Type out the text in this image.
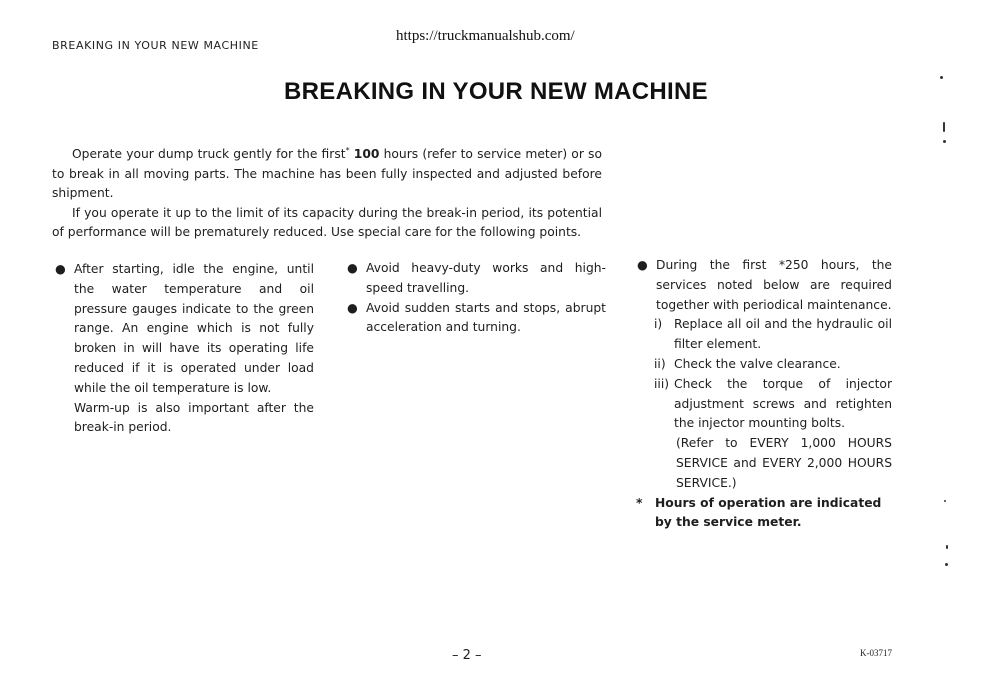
https://truckmanualshub.com/
BREAKING IN YOUR NEW MACHINE
BREAKING IN YOUR NEW MACHINE

Operate your dump truck gently for the first* 100 hours (refer to service meter) or so to break in all moving parts. The machine has been fully inspected and adjusted before shipment.

If you operate it up to the limit of its capacity during the break-in period, its potential of performance will be prematurely reduced. Use special care for the following points.

● After starting, idle the engine, until the water temperature and oil pressure gauges indicate to the green range. An engine which is not fully broken in will have its operating life reduced if it is operated under load while the oil temperature is low.
Warm-up is also important after the break-in period.
● Avoid heavy-duty works and high-speed travelling.
● Avoid sudden starts and stops, abrupt acceleration and turning.
● During the first *250 hours, the services noted below are required together with periodical maintenance.
i) Replace all oil and the hydraulic oil filter element.
ii) Check the valve clearance.
iii) Check the torque of injector adjustment screws and retighten the injector mounting bolts.
(Refer to EVERY 1,000 HOURS SERVICE and EVERY 2,000 HOURS SERVICE.)
* Hours of operation are indicated by the service meter.
– 2 –	K-03717
